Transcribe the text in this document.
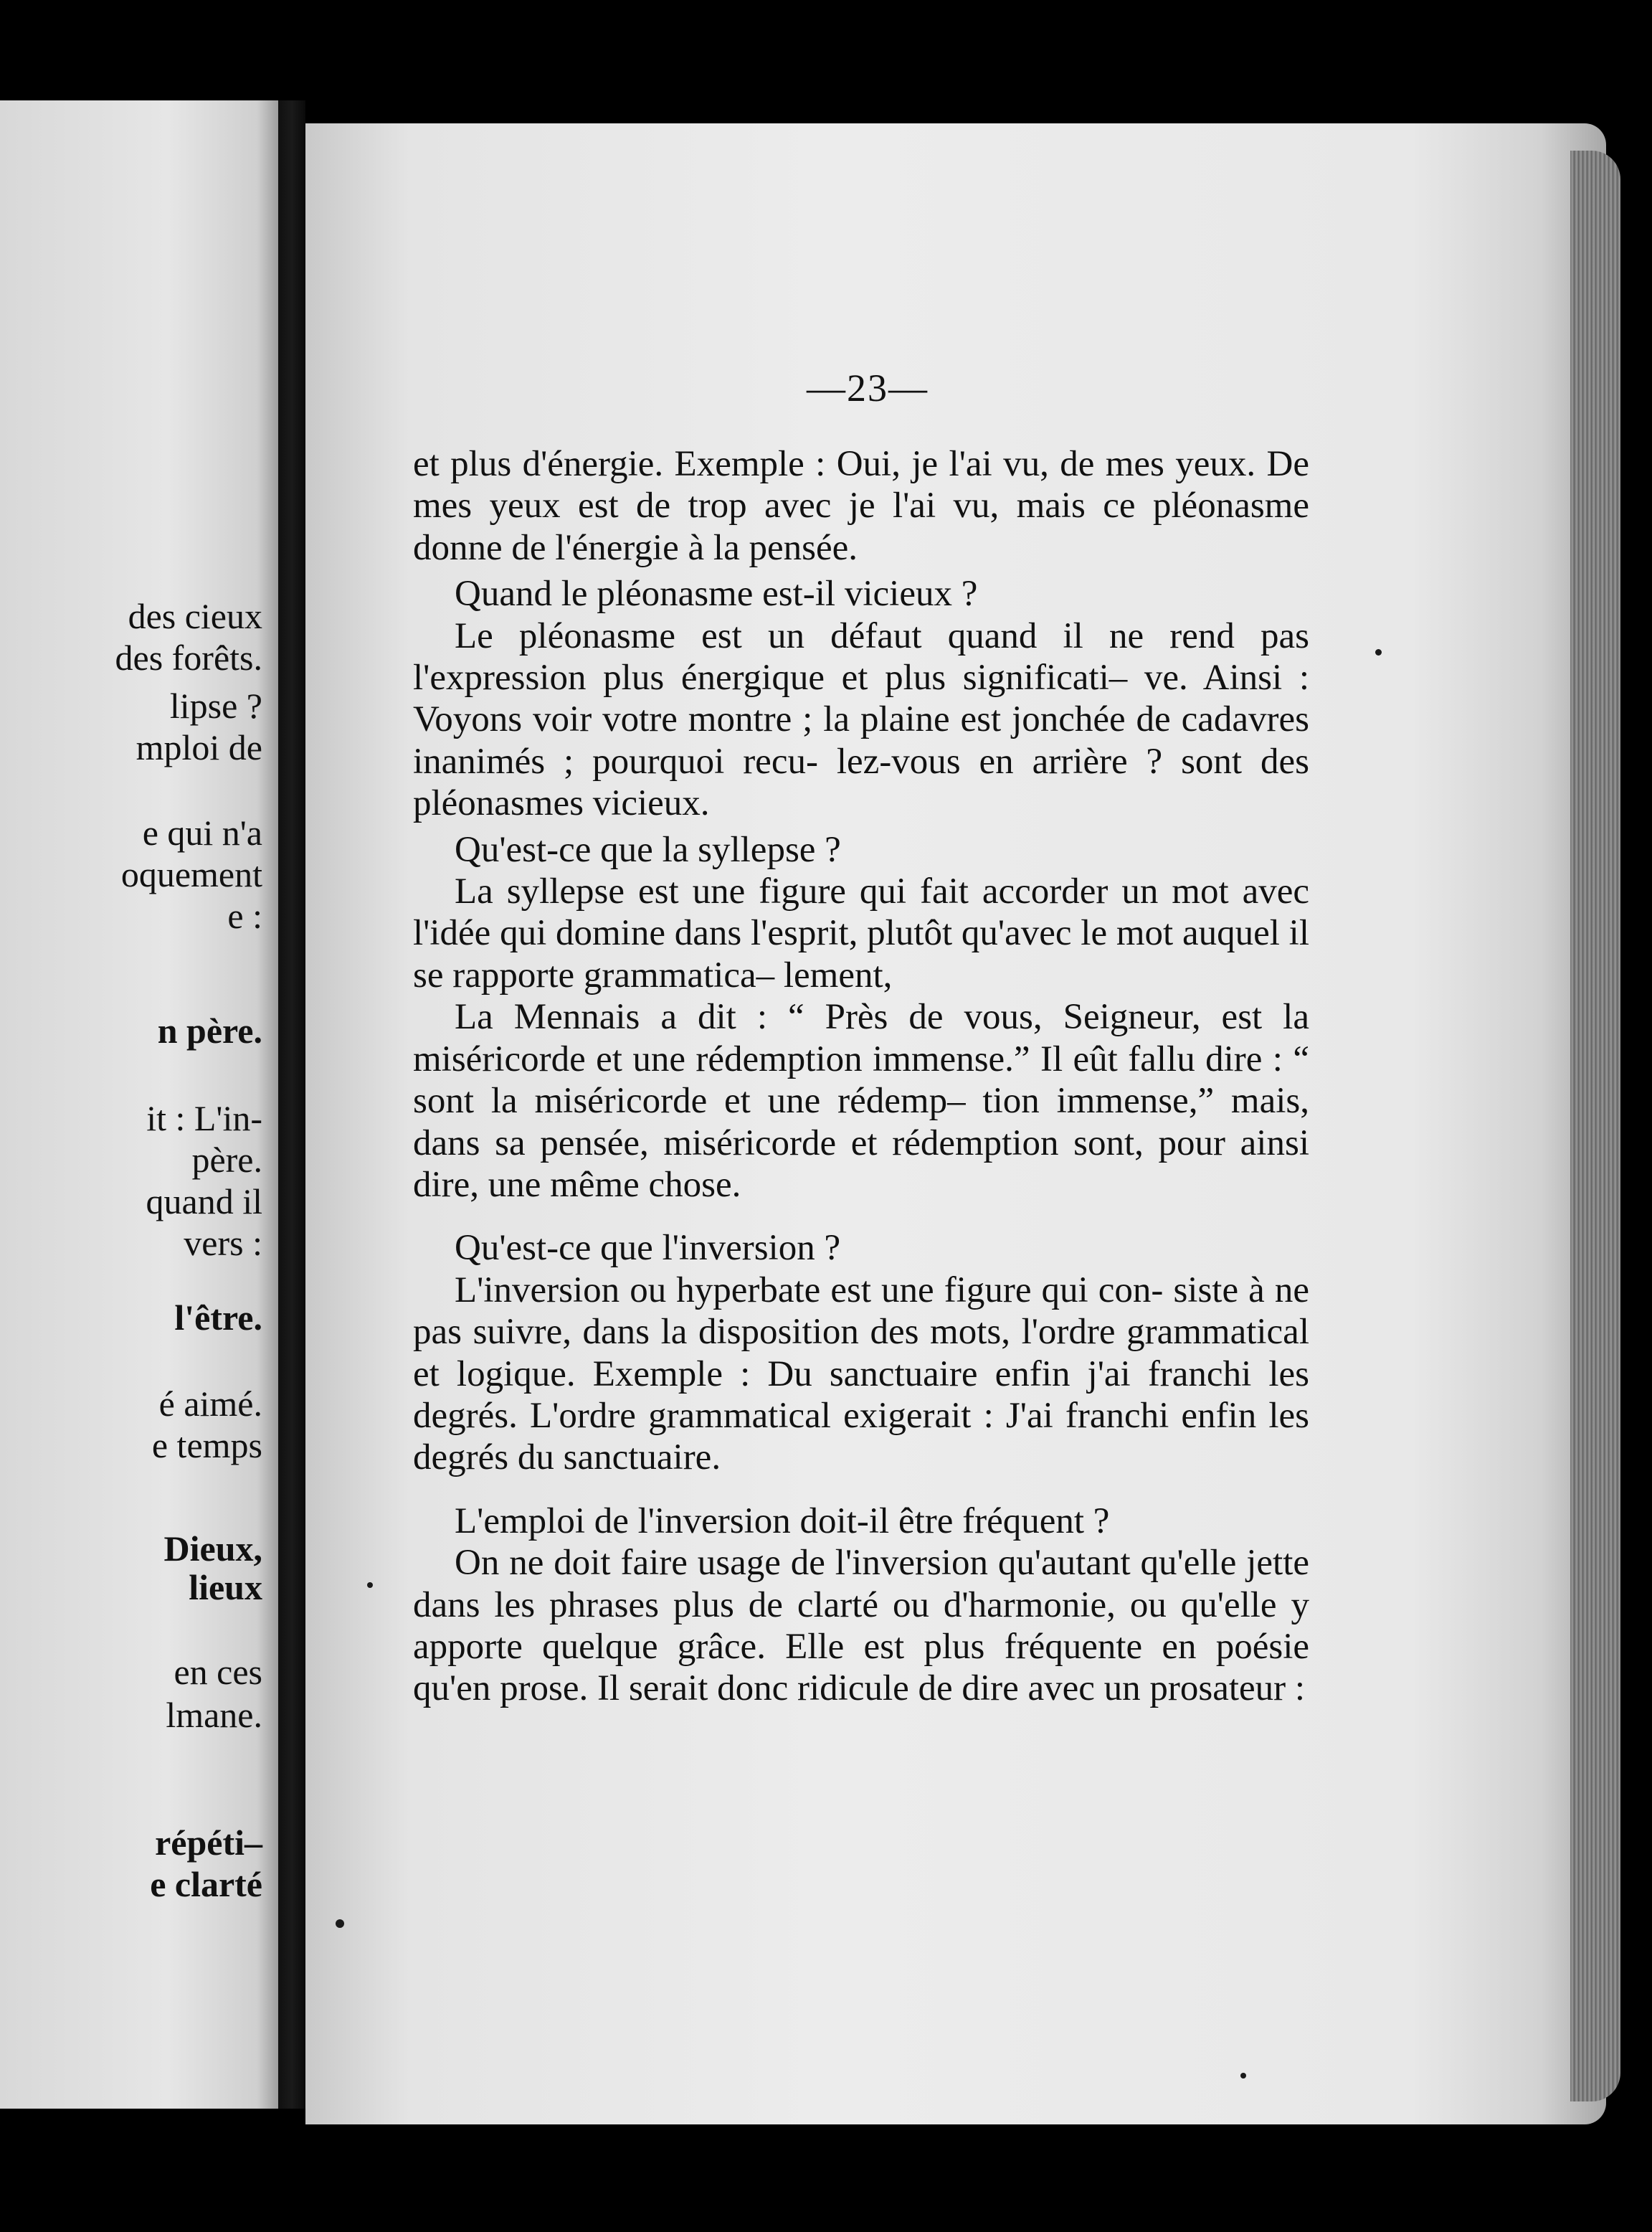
des cieux
des forêts.
lipse ?
mploi de
e qui n'a
oquement
e :
n père.
it : L'in-
père.
quand il
vers :
l'être.
é aimé.
e temps
Dieux,
lieux
en ces
lmane.
répéti–
e clarté
—23—

et plus d'énergie. Exemple : Oui, je l'ai vu, de mes yeux. De mes yeux est de trop avec je l'ai vu, mais ce pléonasme donne de l'énergie à la pensée.

Quand le pléonasme est-il vicieux ?

Le pléonasme est un défaut quand il ne rend pas l'expression plus énergique et plus significati– ve. Ainsi : Voyons voir votre montre ; la plaine est jonchée de cadavres inanimés ; pourquoi recu- lez-vous en arrière ? sont des pléonasmes vicieux.

Qu'est-ce que la syllepse ?

La syllepse est une figure qui fait accorder un mot avec l'idée qui domine dans l'esprit, plutôt qu'avec le mot auquel il se rapporte grammatica– lement,

La Mennais a dit : “ Près de vous, Seigneur, est la miséricorde et une rédemption immense.” Il eût fallu dire : “ sont la miséricorde et une rédemp– tion immense,” mais, dans sa pensée, miséricorde et rédemption sont, pour ainsi dire, une même chose.

Qu'est-ce que l'inversion ?

L'inversion ou hyperbate est une figure qui con- siste à ne pas suivre, dans la disposition des mots, l'ordre grammatical et logique. Exemple : Du sanctuaire enfin j'ai franchi les degrés. L'ordre grammatical exigerait : J'ai franchi enfin les degrés du sanctuaire.

L'emploi de l'inversion doit-il être fréquent ?

On ne doit faire usage de l'inversion qu'autant qu'elle jette dans les phrases plus de clarté ou d'harmonie, ou qu'elle y apporte quelque grâce. Elle est plus fréquente en poésie qu'en prose. Il serait donc ridicule de dire avec un prosateur :
